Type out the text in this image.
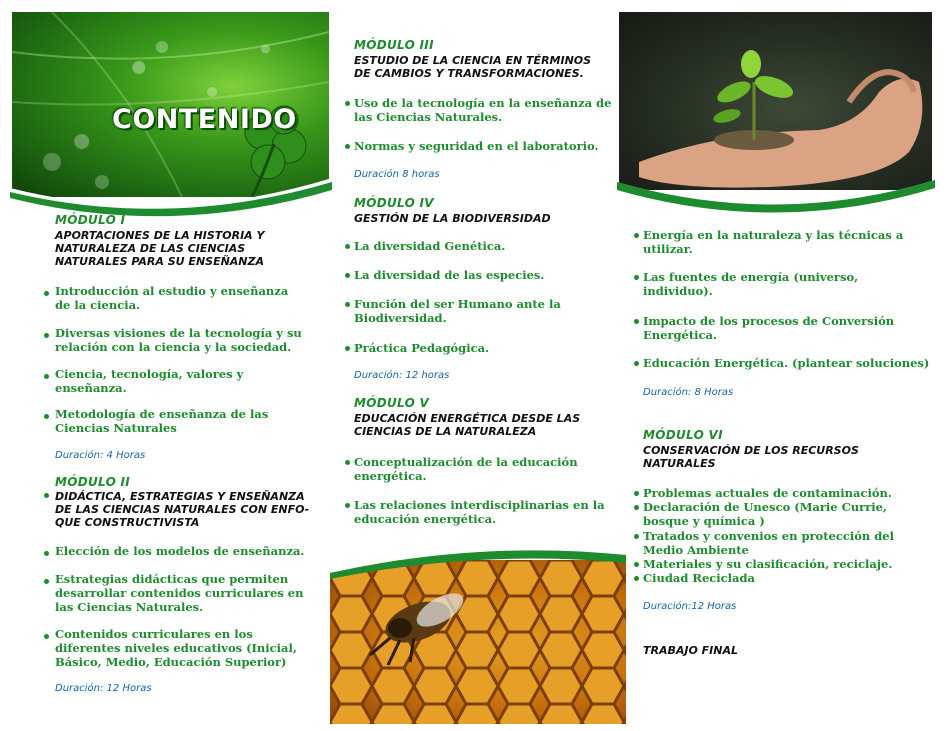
CONTENIDO
MÓDULO I
APORTACIONES DE LA HISTORIA Y
NATURALEZA DE LAS CIENCIAS
NATURALES PARA SU ENSEÑANZA
Introducción al estudio y enseñanza
de la ciencia.
Diversas visiones de la tecnología y su
relación con la ciencia y la sociedad.
Ciencia, tecnología, valores y
enseñanza.
Metodología de enseñanza de las
Ciencias Naturales
Duración: 4 Horas
MÓDULO II
DIDÁCTICA, ESTRATEGIAS Y ENSEÑANZA
DE LAS CIENCIAS NATURALES CON ENFO-
QUE CONSTRUCTIVISTA
Elección de los modelos de enseñanza.
Estrategias didácticas que permiten
desarrollar contenidos curriculares en
las Ciencias Naturales.
Contenidos curriculares en los
diferentes niveles educativos (Inicial,
Básico, Medio, Educación Superior)
Duración: 12 Horas
MÓDULO III
ESTUDIO DE LA CIENCIA EN TÉRMINOS
DE CAMBIOS Y TRANSFORMACIONES.
Uso de la tecnología en la enseñanza de
las Ciencias Naturales.
Normas y seguridad en el laboratorio.
Duración 8 horas
MÓDULO IV
GESTIÓN DE LA BIODIVERSIDAD
La diversidad Genética.
La diversidad de las especies.
Función del ser Humano ante la
Biodiversidad.
Práctica Pedagógica.
Duración: 12 horas
MÓDULO V
EDUCACIÓN ENERGÉTICA DESDE LAS
CIENCIAS DE LA NATURALEZA
Conceptualización de la educación
energética.
Las relaciones interdisciplinarias en la
educación energética.
Energía en la naturaleza y las técnicas a
utilizar.
Las fuentes de energía (universo,
individuo).
Impacto de los procesos de Conversión
Energética.
Educación Energética. (plantear soluciones)
Duración: 8 Horas
MÓDULO VI
CONSERVACIÓN DE LOS RECURSOS
NATURALES
Problemas actuales de contaminación.
Declaración de Unesco (Marie Currie,
bosque y química )
Tratados y convenios en protección del
Medio Ambiente
Materiales y su clasificación, reciclaje.
Ciudad Reciclada
Duración:12 Horas
TRABAJO FINAL
